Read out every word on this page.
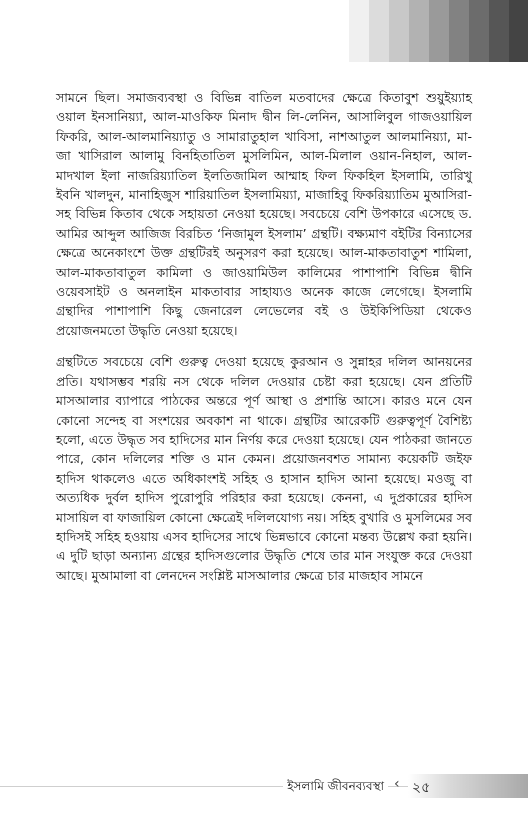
সামনে ছিল। সমাজব্যবস্থা ও বিভিন্ন বাতিল মতবাদের ক্ষেত্রে কিতাবুশ শুয়ুইয়্যাহ ওয়াল ইনসানিয়্যা, আল-মাওকিফ মিনাদ দ্বীন লি-লেনিন, আসালিবুল গাজওয়ায়িল ফিকরি, আল-আলমানিয়্যাতু ও সামারাতুহাল খাবিসা, নাশআতুল আলমানিয়্যা, মা-জা খাসিরাল আলামু বিনহিতাতিল মুসলিমিন, আল-মিলাল ওয়ান-নিহাল, আল-মাদখাল ইলা নাজরিয়্যাতিল ইলতিজামিল আম্মাহ ফিল ফিকহিল ইসলামি, তারিখু ইবনি খালদুন, মানাহিজুস শারিয়াতিল ইসলামিয়্যা, মাজাহিবু ফিকরিয়্যাতিম মুআসিরা-সহ বিভিন্ন কিতাব থেকে সহায়তা নেওয়া হয়েছে। সবচেয়ে বেশি উপকারে এসেছে ড. আমির আব্দুল আজিজ বিরচিত ‘নিজামুল ইসলাম’ গ্রন্থটি। বক্ষ্যমাণ বইটির বিন্যাসের ক্ষেত্রে অনেকাংশে উক্ত গ্রন্থটিরই অনুসরণ করা হয়েছে। আল-মাকতাবাতুশ শামিলা, আল-মাকতাবাতুল কামিলা ও জাওয়ামিউল কালিমের পাশাপাশি বিভিন্ন দ্বীনি ওয়েবসাইট ও অনলাইন মাকতাবার সাহায্যও অনেক কাজে লেগেছে। ইসলামি গ্রন্থাদির পাশাপাশি কিছু জেনারেল লেভেলের বই ও উইকিপিডিয়া থেকেও প্রয়োজনমতো উদ্ধৃতি নেওয়া হয়েছে।

গ্রন্থটিতে সবচেয়ে বেশি গুরুত্ব দেওয়া হয়েছে কুরআন ও সুন্নাহর দলিল আনয়নের প্রতি। যথাসম্ভব শরয়ি নস থেকে দলিল দেওয়ার চেষ্টা করা হয়েছে। যেন প্রতিটি মাসআলার ব্যাপারে পাঠকের অন্তরে পূর্ণ আস্থা ও প্রশান্তি আসে। কারও মনে যেন কোনো সন্দেহ বা সংশয়ের অবকাশ না থাকে। গ্রন্থটির আরেকটি গুরুত্বপূর্ণ বৈশিষ্ট্য হলো, এতে উদ্ধৃত সব হাদিসের মান নির্ণয় করে দেওয়া হয়েছে। যেন পাঠকরা জানতে পারে, কোন দলিলের শক্তি ও মান কেমন। প্রয়োজনবশত সামান্য কয়েকটি জইফ হাদিস থাকলেও এতে অধিকাংশই সহিহ ও হাসান হাদিস আনা হয়েছে। মওজু বা অত্যধিক দুর্বল হাদিস পুরোপুরি পরিহার করা হয়েছে। কেননা, এ দুপ্রকারের হাদিস মাসায়িল বা ফাজায়িল কোনো ক্ষেত্রেই দলিলযোগ্য নয়। সহিহ বুখারি ও মুসলিমের সব হাদিসই সহিহ হওয়ায় এসব হাদিসের সাথে ভিন্নভাবে কোনো মন্তব্য উল্লেখ করা হয়নি। এ দুটি ছাড়া অন্যান্য গ্রন্থের হাদিসগুলোর উদ্ধৃতি শেষে তার মান সংযুক্ত করে দেওয়া আছে। মুআমালা বা লেনদেন সংশ্লিষ্ট মাসআলার ক্ষেত্রে চার মাজহাব সামনে

ইসলামি জীবনব্যবস্থা ‹ ২৫
